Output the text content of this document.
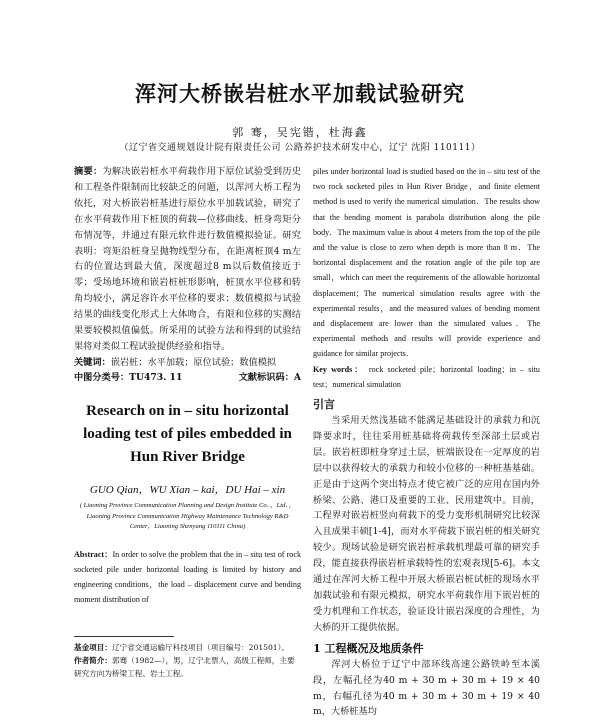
浑河大桥嵌岩桩水平加载试验研究
郭 骞，吴宪锴，杜海鑫
（辽宁省交通规划设计院有限责任公司 公路养护技术研发中心，辽宁 沈阳 110111）
摘要：为解决嵌岩桩水平荷载作用下原位试验受到历史和工程条件限制而比较缺乏的问题，以浑河大桥工程为依托，对大桥嵌岩桩基进行原位水平加载试验，研究了在水平荷载作用下桩顶的荷载—位移曲线、桩身弯矩分布情况等，并通过有限元软件进行数值模拟验证。研究表明：弯矩沿桩身呈抛物线型分布，在距离桩顶4 m左右的位置达到最大值，深度超过8 m以后数值接近于零；受场地环境和嵌岩桩桩形影响，桩顶水平位移和转角均较小，满足容许水平位移的要求；数值模拟与试验结果的曲线变化形式上大体吻合，有限和位移的实测结果要较模拟值偏低。所采用的试验方法和得到的试验结果将对类似工程试验提供经验和指导。
关键词：嵌岩桩；水平加载；原位试验；数值模拟
中图分类号：TU473. 11	文献标识码：A
Research on in – situ horizontal loading test of piles embedded in Hun River Bridge
GUO Qian，WU Xian – kai，DU Hai – xin
( Liaoning Province Communication Planning and Design Institute Co．，Ltd．，Liaoning Province Communication Highway Maintenance Technology R&D Center，Liaoning Shenyang 110111 China)
Abstract：In order to solve the problem that the in – situ test of rock socketed pile under horizontal loading is limited by history and engineering conditions，the load – displacement curve and bending moment distribution of
piles under horizontal load is studied based on the in – situ test of the two rock socketed piles in Hun River Bridge，and finite element method is used to verify the numerical simulation．The results show that the bending moment is parabola distribution along the pile body．The maximum value is about 4 meters from the top of the pile and the value is close to zero when depth is more than 8 m．The horizontal displacement and the rotation angle of the pile top are small，which can meet the requirements of the allowable horizontal displacement；The numerical simulation results agree with the experimental results，and the measured values of bending moment and displacement are lower than the simulated values．The experimental methods and results will provide experience and guidance for similar projects．
Key words： rock socketed pile；horizontal loading；in – situ test；numerical simulation
引言
当采用天然浅基础不能满足基础设计的承载力和沉降要求时，往往采用桩基础将荷载传至深部土层或岩层。嵌岩桩即桩身穿过土层，桩端嵌设在一定厚度的岩层中以获得较大的承载力和较小位移的一种桩基基础。正是由于这两个突出特点才使它被广泛的应用在国内外桥梁、公路、港口及重要的工业、民用建筑中。目前，工程界对嵌岩桩竖向荷载下的受力变形机制研究比较深入且成果丰硕[1-4]，而对水平荷载下嵌岩桩的相关研究较少。现场试验是研究嵌岩桩承载机理最可靠的研究手段，能直接获得嵌岩桩承载特性的宏观表现[5-6]。本文通过在浑河大桥工程中开展大桥嵌岩桩试桩的现场水平加载试验和有限元模拟，研究水平荷载作用下嵌岩桩的受力机理和工作状态，验证设计嵌岩深度的合理性，为大桥的开工提供依据。
1 工程概况及地质条件
浑河大桥位于辽宁中部环线高速公路铁岭至本溪段，左幅孔径为40 m + 30 m + 30 m + 19 × 40 m，右幅孔径为40 m + 30 m + 30 m + 19 × 40 m，大桥桩基均
基金项目：辽宁省交通运输厅科技项目（项目编号：201501）。
作者简介：郭骞（1982—），男，辽宁北票人，高级工程师，主要研究方向为桥梁工程、岩土工程。
